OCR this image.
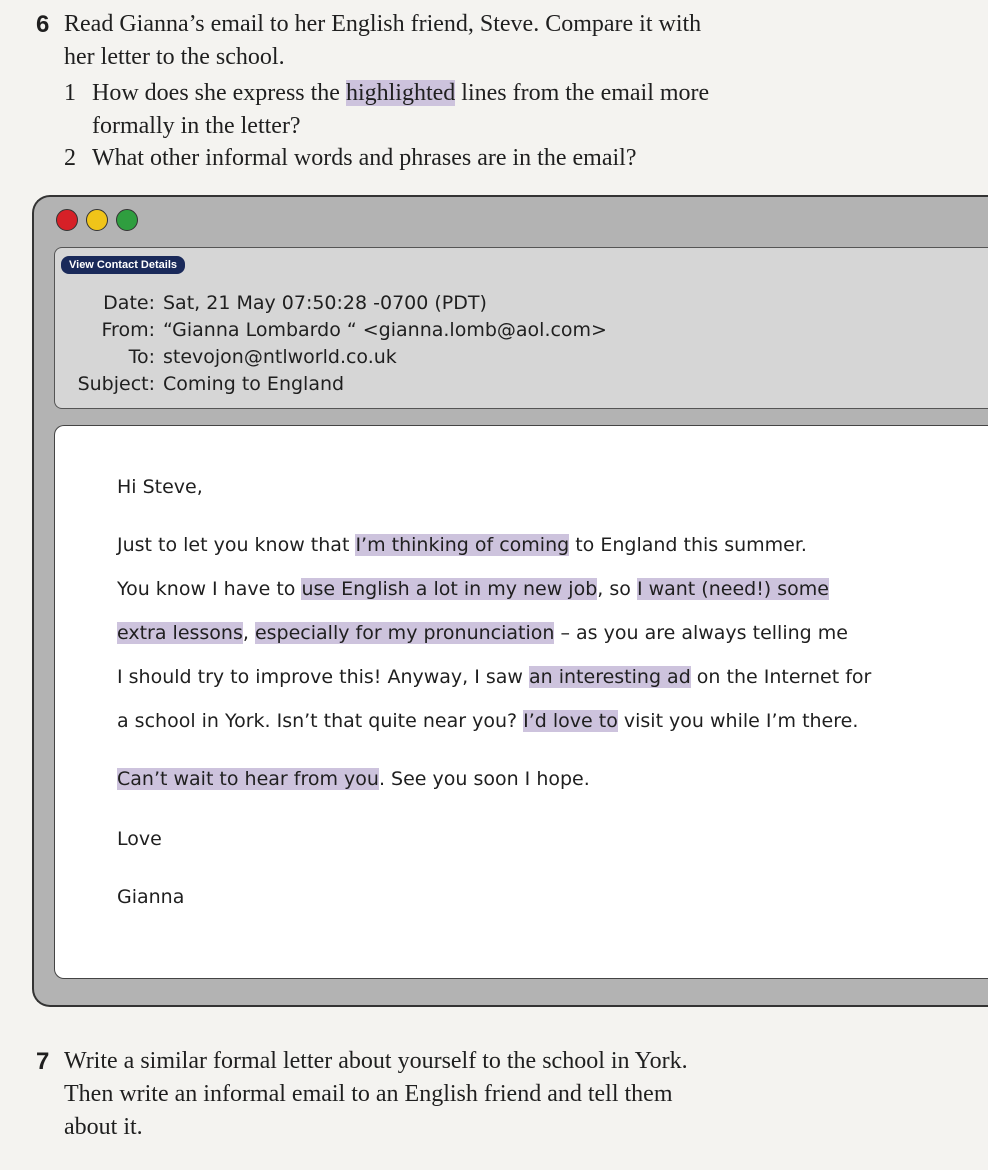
6 Read Gianna’s email to her English friend, Steve. Compare it with
her letter to the school.
1 How does she express the highlighted lines from the email more
formally in the letter?
2 What other informal words and phrases are in the email?
View Contact Details
Date: Sat, 21 May 07:50:28 -0700 (PDT)
From: “Gianna Lombardo “ <gianna.lomb@aol.com>
To: stevojon@ntlworld.co.uk
Subject: Coming to England
Hi Steve,
Just to let you know that I’m thinking of coming to England this summer.
You know I have to use English a lot in my new job, so I want (need!) some
extra lessons, especially for my pronunciation – as you are always telling me
I should try to improve this! Anyway, I saw an interesting ad on the Internet for
a school in York. Isn’t that quite near you? I’d love to visit you while I’m there.
Can’t wait to hear from you. See you soon I hope.
Love
Gianna
7 Write a similar formal letter about yourself to the school in York.
Then write an informal email to an English friend and tell them
about it.
